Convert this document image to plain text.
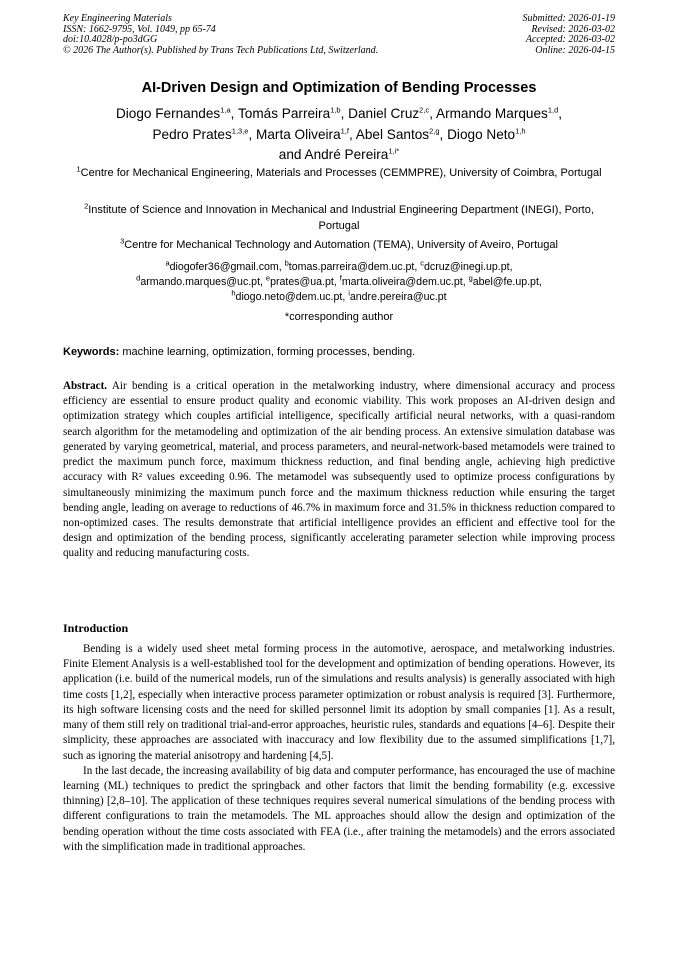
Key Engineering Materials
ISSN: 1662-9795, Vol. 1049, pp 65-74
doi:10.4028/p-po3dGG
© 2026 The Author(s). Published by Trans Tech Publications Ltd, Switzerland.
Submitted: 2026-01-19
Revised: 2026-03-02
Accepted: 2026-03-02
Online: 2026-04-15
AI-Driven Design and Optimization of Bending Processes
Diogo Fernandes$^{1,a}$, Tomás Parreira$^{1,b}$, Daniel Cruz$^{2,c}$, Armando Marques$^{1,d}$,
Pedro Prates$^{1,3,e}$, Marta Oliveira$^{1,f}$, Abel Santos$^{2,g}$, Diogo Neto$^{1,h}$
and André Pereira$^{1,i*}$
$^1$Centre for Mechanical Engineering, Materials and Processes (CEMMPRE), University of Coimbra, Portugal
$^2$Institute of Science and Innovation in Mechanical and Industrial Engineering Department (INEGI), Porto, Portugal
$^3$Centre for Mechanical Technology and Automation (TEMA), University of Aveiro, Portugal
$^a$diogofer36@gmail.com, $^b$tomas.parreira@dem.uc.pt, $^c$dcruz@inegi.up.pt,
$^d$armando.marques@uc.pt, $^e$prates@ua.pt, $^f$marta.oliveira@dem.uc.pt, $^g$abel@fe.up.pt,
$^h$diogo.neto@dem.uc.pt, $^i$andre.pereira@uc.pt
*corresponding author
Keywords: machine learning, optimization, forming processes, bending.
Abstract. Air bending is a critical operation in the metalworking industry, where dimensional accuracy and process efficiency are essential to ensure product quality and economic viability. This work proposes an AI-driven design and optimization strategy which couples artificial intelligence, specifically artificial neural networks, with a quasi-random search algorithm for the metamodeling and optimization of the air bending process. An extensive simulation database was generated by varying geometrical, material, and process parameters, and neural-network-based metamodels were trained to predict the maximum punch force, maximum thickness reduction, and final bending angle, achieving high predictive accuracy with R² values exceeding 0.96. The metamodel was subsequently used to optimize process configurations by simultaneously minimizing the maximum punch force and the maximum thickness reduction while ensuring the target bending angle, leading on average to reductions of 46.7% in maximum force and 31.5% in thickness reduction compared to non-optimized cases. The results demonstrate that artificial intelligence provides an efficient and effective tool for the design and optimization of the bending process, significantly accelerating parameter selection while improving process quality and reducing manufacturing costs.
Introduction

Bending is a widely used sheet metal forming process in the automotive, aerospace, and metalworking industries. Finite Element Analysis is a well-established tool for the development and optimization of bending operations. However, its application (i.e. build of the numerical models, run of the simulations and results analysis) is generally associated with high time costs [1,2], especially when interactive process parameter optimization or robust analysis is required [3]. Furthermore, its high software licensing costs and the need for skilled personnel limit its adoption by small companies [1]. As a result, many of them still rely on traditional trial-and-error approaches, heuristic rules, standards and equations [4–6]. Despite their simplicity, these approaches are associated with inaccuracy and low flexibility due to the assumed simplifications [1,7], such as ignoring the material anisotropy and hardening [4,5].

In the last decade, the increasing availability of big data and computer performance, has encouraged the use of machine learning (ML) techniques to predict the springback and other factors that limit the bending formability (e.g. excessive thinning) [2,8–10]. The application of these techniques requires several numerical simulations of the bending process with different configurations to train the metamodels. The ML approaches should allow the design and optimization of the bending operation without the time costs associated with FEA (i.e., after training the metamodels) and the errors associated with the simplification made in traditional approaches.
